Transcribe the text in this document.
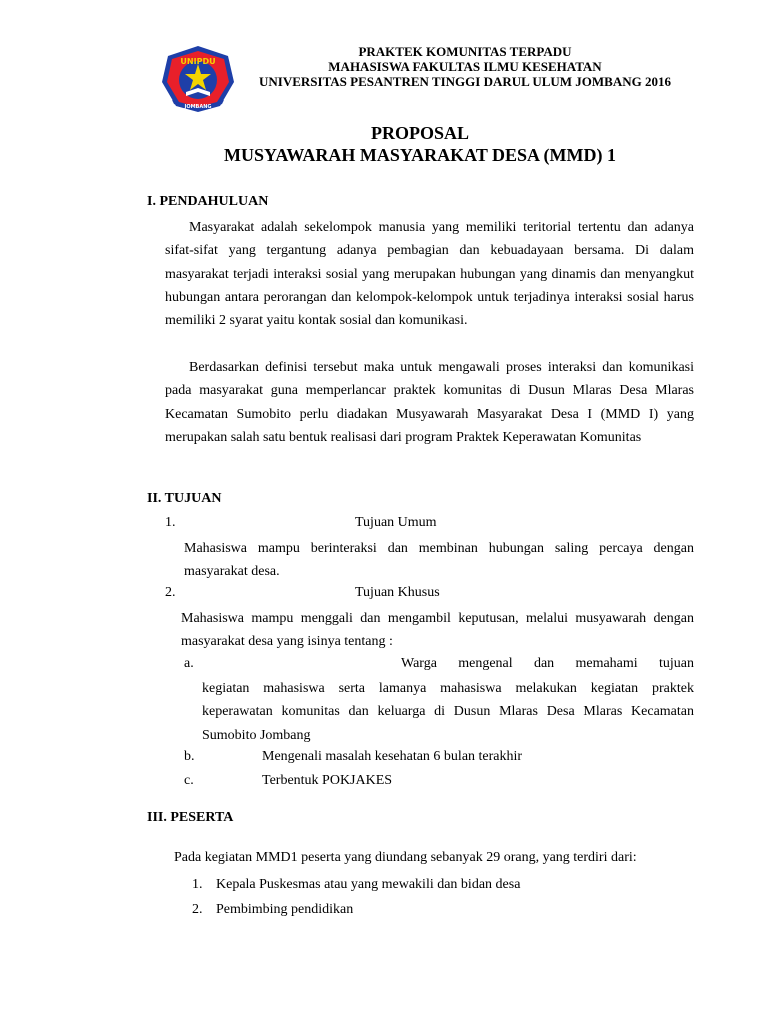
UNIPDU
JOMBANG
PRAKTEK KOMUNITAS TERPADU
MAHASISWA FAKULTAS ILMU KESEHATAN
UNIVERSITAS PESANTREN TINGGI DARUL ULUM JOMBANG 2016
PROPOSAL
MUSYAWARAH MASYARAKAT DESA (MMD) 1
I. PENDAHULUAN

Masyarakat adalah sekelompok manusia yang memiliki teritorial tertentu dan adanya sifat-sifat yang tergantung adanya pembagian dan kebuadayaan bersama. Di dalam masyarakat terjadi interaksi sosial yang merupakan hubungan yang dinamis dan menyangkut hubungan antara perorangan dan kelompok-kelompok untuk terjadinya interaksi sosial harus memiliki 2 syarat yaitu kontak sosial dan komunikasi.

Berdasarkan definisi tersebut maka untuk mengawali proses interaksi dan komunikasi pada masyarakat guna memperlancar praktek komunitas di Dusun Mlaras Desa Mlaras Kecamatan Sumobito perlu diadakan Musyawarah Masyarakat Desa I (MMD I) yang merupakan salah satu bentuk realisasi dari program Praktek Keperawatan Komunitas

II. TUJUAN
1.	Tujuan Umum

Mahasiswa mampu berinteraksi dan membinan hubungan saling percaya dengan masyarakat desa.

2.	Tujuan Khusus

Mahasiswa mampu menggali dan mengambil keputusan, melalui musyawarah dengan masyarakat desa yang isinya tentang :

a.	Warga mengenal dan memahami tujuan

kegiatan mahasiswa serta lamanya mahasiswa melakukan kegiatan praktek keperawatan komunitas dan keluarga di Dusun Mlaras Desa Mlaras Kecamatan Sumobito Jombang

b.	Mengenali masalah kesehatan 6 bulan terakhir
c.	Terbentuk POKJAKES
III. PESERTA
Pada kegiatan MMD1 peserta yang diundang sebanyak 29 orang, yang terdiri dari:
1. Kepala Puskesmas atau yang mewakili dan bidan desa
2. Pembimbing pendidikan
